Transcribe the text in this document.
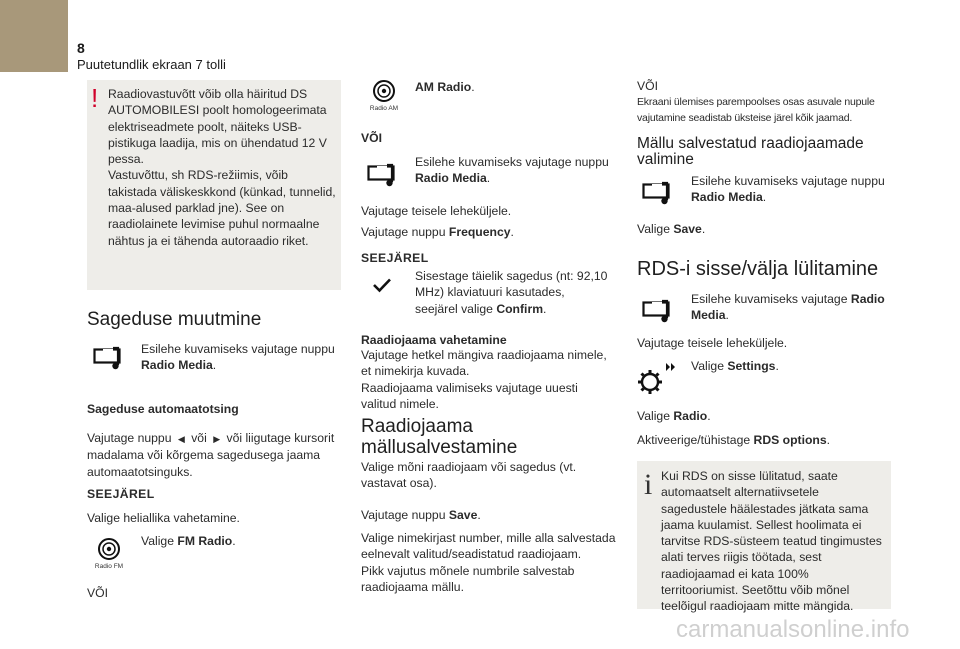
8
Puutetundlik ekraan 7 tolli
! Raadiovastuvõtt võib olla häiritud DS AUTOMOBILESI poolt homologeerimata elektriseadmete poolt, näiteks USB-pistikuga laadija, mis on ühendatud 12 V pessa.
Vastuvõttu, sh RDS-režiimis, võib takistada väliskeskkond (künkad, tunnelid, maa-alused parklad jne). See on raadiolainete levimise puhul normaalne nähtus ja ei tähenda autoraadio riket.

Sageduse muutmine

Esilehe kuvamiseks vajutage nuppu
Radio Media.

Sageduse automaatotsing

Vajutage nuppu ◀ või ▶ või liigutage kursorit madalama või kõrgema sagedusega jaama automaatotsinguks.

SEEJÄREL

Valige heliallika vahetamine.

Radio FM

Valige FM Radio.

VÕI

Radio AM

AM Radio.

VÕI

Esilehe kuvamiseks vajutage nuppu
Radio Media.

Vajutage teisele leheküljele.

Vajutage nuppu Frequency.

SEEJÄREL

Sisestage täielik sagedus (nt: 92,10 MHz) klaviatuuri kasutades, seejärel valige Confirm.

Raadiojaama vahetamine

Vajutage hetkel mängiva raadiojaama nimele, et nimekirja kuvada.
Raadiojaama valimiseks vajutage uuesti valitud nimele.

Raadiojaama mällusalvestamine

Valige mõni raadiojaam või sagedus (vt. vastavat osa).

Vajutage nuppu Save.

Valige nimekirjast number, mille alla salvestada eelnevalt valitud/seadistatud raadiojaam.
Pikk vajutus mõnele numbrile salvestab raadiojaama mällu.

VÕI

Ekraani ülemises parempoolses osas asuvale nupule vajutamine seadistab üksteise järel kõik jaamad.

Mällu salvestatud raadiojaamade valimine

Esilehe kuvamiseks vajutage nuppu
Radio Media.

Valige Save.

RDS-i sisse/välja lülitamine

Esilehe kuvamiseks vajutage Radio Media.

Vajutage teisele leheküljele.

Valige Settings.

Valige Radio.

Aktiveerige/tühistage RDS options.

i Kui RDS on sisse lülitatud, saate automaatselt alternatiivsetele sagedustele häälestades jätkata sama jaama kuulamist. Sellest hoolimata ei tarvitse RDS-süsteem teatud tingimustes alati terves riigis töötada, sest raadiojaamad ei kata 100% territooriumist. Seetõttu võib mõnel teelõigul raadiojaam mitte mängida.

carmanualsonline.info
